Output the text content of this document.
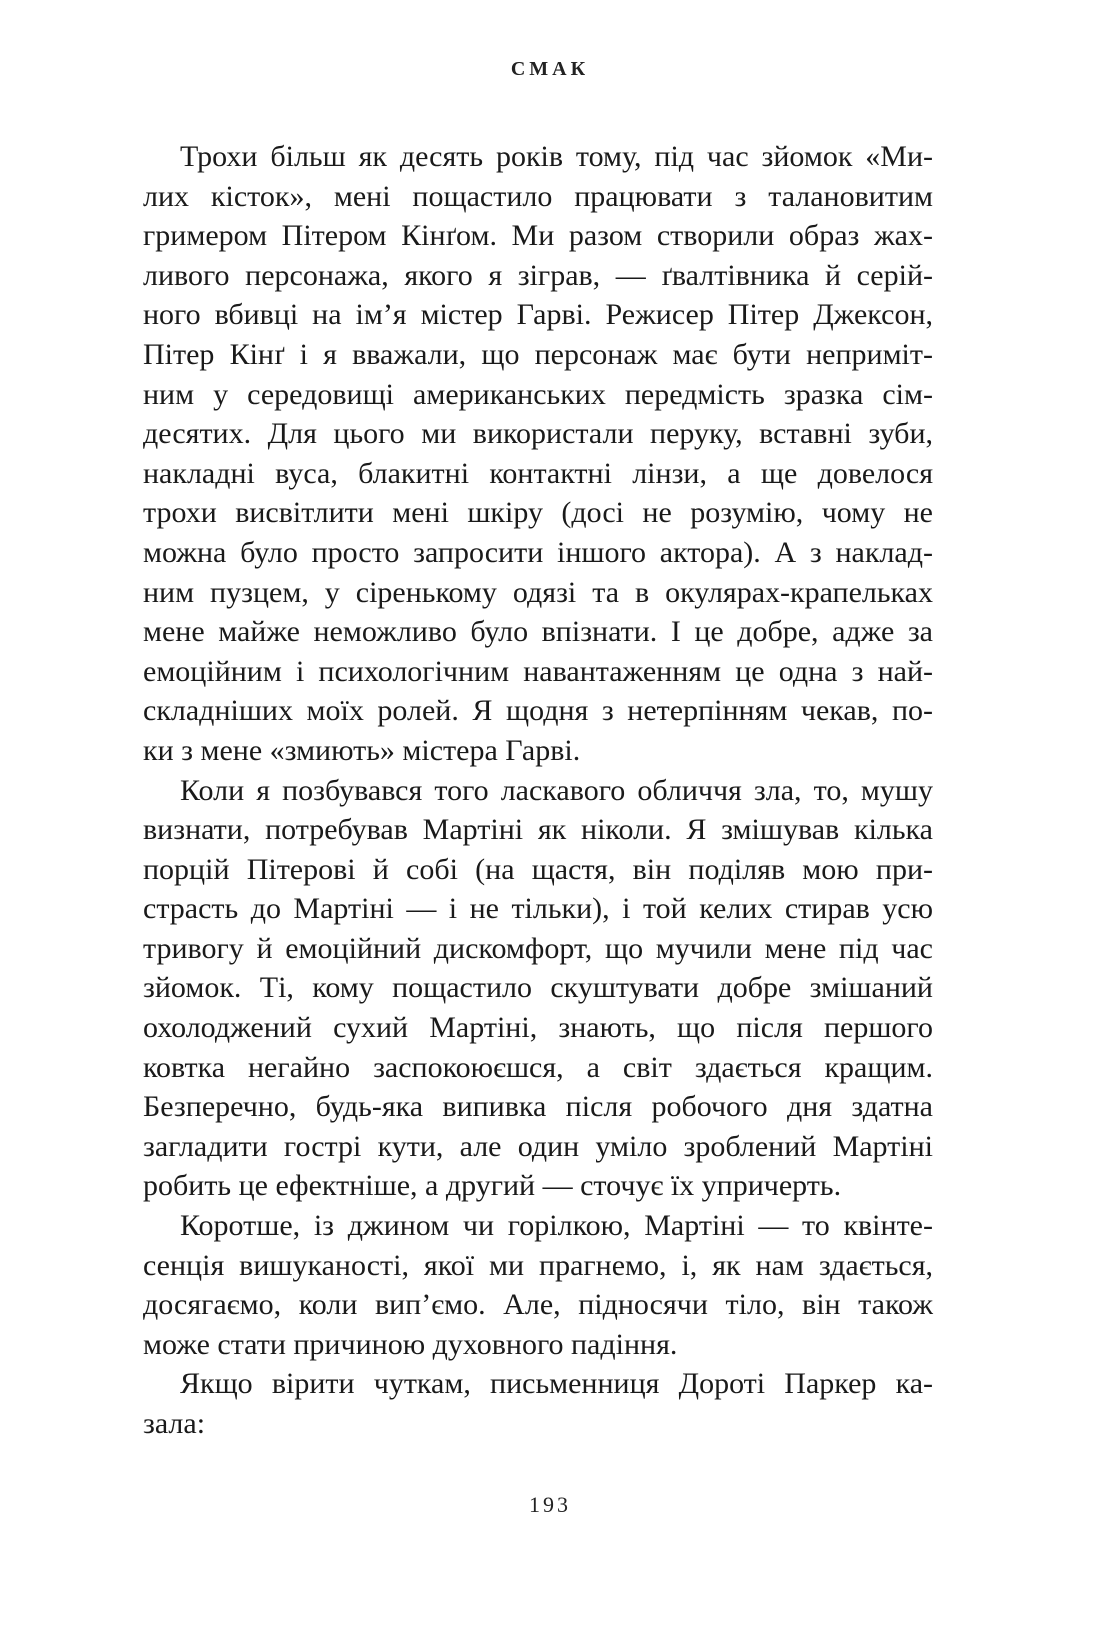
СМАК
Трохи більш як десять років тому, під час зйомок «Ми-
лих кісток», мені пощастило працювати з талановитим
гримером Пітером Кінґом. Ми разом створили образ жах-
ливого персонажа, якого я зіграв, — ґвалтівника й серій-
ного вбивці на ім’я містер Гарві. Режисер Пітер Джексон,
Пітер Кінґ і я вважали, що персонаж має бути неприміт-
ним у середовищі американських передмість зразка сім-
десятих. Для цього ми використали перуку, вставні зуби,
накладні вуса, блакитні контактні лінзи, а ще довелося
трохи висвітлити мені шкіру (досі не розумію, чому не
можна було просто запросити іншого актора). А з наклад-
ним пузцем, у сіренькому одязі та в окулярах-крапельках
мене майже неможливо було впізнати. І це добре, адже за
емоційним і психологічним навантаженням це одна з най-
складніших моїх ролей. Я щодня з нетерпінням чекав, по-
ки з мене «змиють» містера Гарві.
Коли я позбувався того ласкавого обличчя зла, то, мушу
визнати, потребував Мартіні як ніколи. Я змішував кілька
порцій Пітерові й собі (на щастя, він поділяв мою при-
страсть до Мартіні — і не тільки), і той келих стирав усю
тривогу й емоційний дискомфорт, що мучили мене під час
зйомок. Ті, кому пощастило скуштувати добре змішаний
охолоджений сухий Мартіні, знають, що після першого
ковтка негайно заспокоюєшся, а світ здається кращим.
Безперечно, будь-яка випивка після робочого дня здатна
загладити гострі кути, але один уміло зроблений Мартіні
робить це ефектніше, а другий — сточує їх упричерть.
Коротше, із джином чи горілкою, Мартіні — то квінте-
сенція вишуканості, якої ми прагнемо, і, як нам здається,
досягаємо, коли вип’ємо. Але, підносячи тіло, він також
може стати причиною духовного падіння.
Якщо вірити чуткам, письменниця Дороті Паркер ка-
зала:
193
